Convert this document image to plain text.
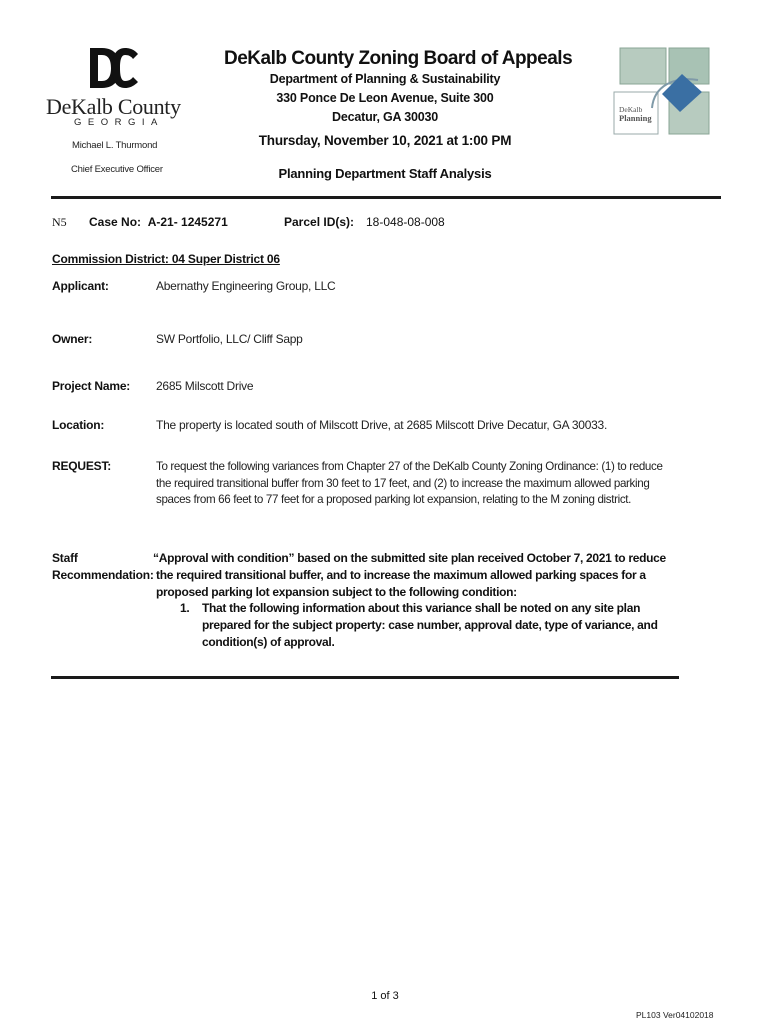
DeKalb County
GEORGIA
Michael L. Thurmond
Chief Executive Officer
DeKalb County Zoning Board of Appeals
Department of Planning & Sustainability
330 Ponce De Leon Avenue, Suite 300
Decatur, GA 30030
Thursday, November 10, 2021 at 1:00 PM
Planning Department Staff Analysis
DeKalb
Planning
N5 Case No: A-21- 1245271	Parcel ID(s): 18-048-08-008
Commission District: 04 Super District 06
Applicant:	Abernathy Engineering Group, LLC
Owner:	SW Portfolio, LLC/ Cliff Sapp
Project Name: 2685 Milscott Drive
Location:	The property is located south of Milscott Drive, at 2685 Milscott Drive Decatur, GA 30033.
REQUEST:	To request the following variances from Chapter 27 of the DeKalb County Zoning Ordinance: (1) to reduce the required transitional buffer from 30 feet to 17 feet, and (2) to increase the maximum allowed parking spaces from 66 feet to 77 feet for a proposed parking lot expansion, relating to the M zoning district.
Staff
Recommendation:
“Approval with condition” based on the submitted site plan received October 7, 2021 to reduce the required transitional buffer, and to increase the maximum allowed parking spaces for a proposed parking lot expansion subject to the following condition:
1. That the following information about this variance shall be noted on any site plan prepared for the subject property: case number, approval date, type of variance, and condition(s) of approval.
1 of 3
PL103 Ver04102018
